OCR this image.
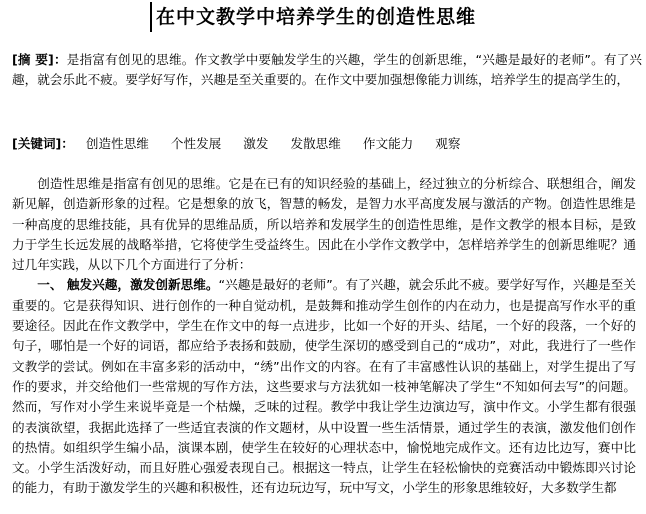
在中文教学中培养学生的创造性思维
[摘 要]：是指富有创见的思维。作文教学中要触发学生的兴趣，学生的创新思维，“兴趣是最好的老师”。有了兴趣，就会乐此不疲。要学好写作，兴趣是至关重要的。在作文中要加强想像能力训练，培养学生的提高学生的，
[关键词]： 创造性思维 个性发展 激发 发散思维 作文能力 观察

创造性思维是指富有创见的思维。它是在已有的知识经验的基础上，经过独立的分析综合、联想组合，阐发新见解，创造新形象的过程。它是想象的放飞，智慧的畅发，是智力水平高度发展与激活的产物。创造性思维是一种高度的思维技能，具有优异的思维品质，所以培养和发展学生的创造性思维，是作文教学的根本目标，是致力于学生长远发展的战略举措，它将使学生受益终生。因此在小学作文教学中，怎样培养学生的创新思维呢？通过几年实践，从以下几个方面进行了分析：

一、 触发兴趣，激发创新思维。“兴趣是最好的老师”。有了兴趣，就会乐此不疲。要学好写作，兴趣是至关重要的。它是获得知识、进行创作的一种自觉动机，是鼓舞和推动学生创作的内在动力，也是提高写作水平的重要途径。因此在作文教学中，学生在作文中的每一点进步，比如一个好的开头、结尾，一个好的段落，一个好的句子，哪怕是一个好的词语，都应给予表扬和鼓励，使学生深切的感受到自己的“成功”，对此，我进行了一些作文教学的尝试。例如在丰富多彩的活动中，“绣”出作文的内容。在有了丰富感性认识的基础上，对学生提出了写作的要求，并交给他们一些常规的写作方法，这些要求与方法犹如一枝神笔解决了学生“不知如何去写”的问题。然而，写作对小学生来说毕竟是一个枯燥，乏味的过程。教学中我让学生边演边写，演中作文。小学生都有很强的表演欲望，我据此选择了一些适宜表演的作文题材，从中设置一些生活情景，通过学生的表演，激发他们创作的热情。如组织学生编小品，演课本剧，使学生在较好的心理状态中，愉悦地完成作文。还有边比边写，赛中比文。小学生活泼好动，而且好胜心强爱表现自己。根据这一特点，让学生在轻松愉快的竞赛活动中锻炼即兴讨论的能力，有助于激发学生的兴趣和积极性，还有边玩边写，玩中写文，小学生的形象思维较好，大多数学生都
